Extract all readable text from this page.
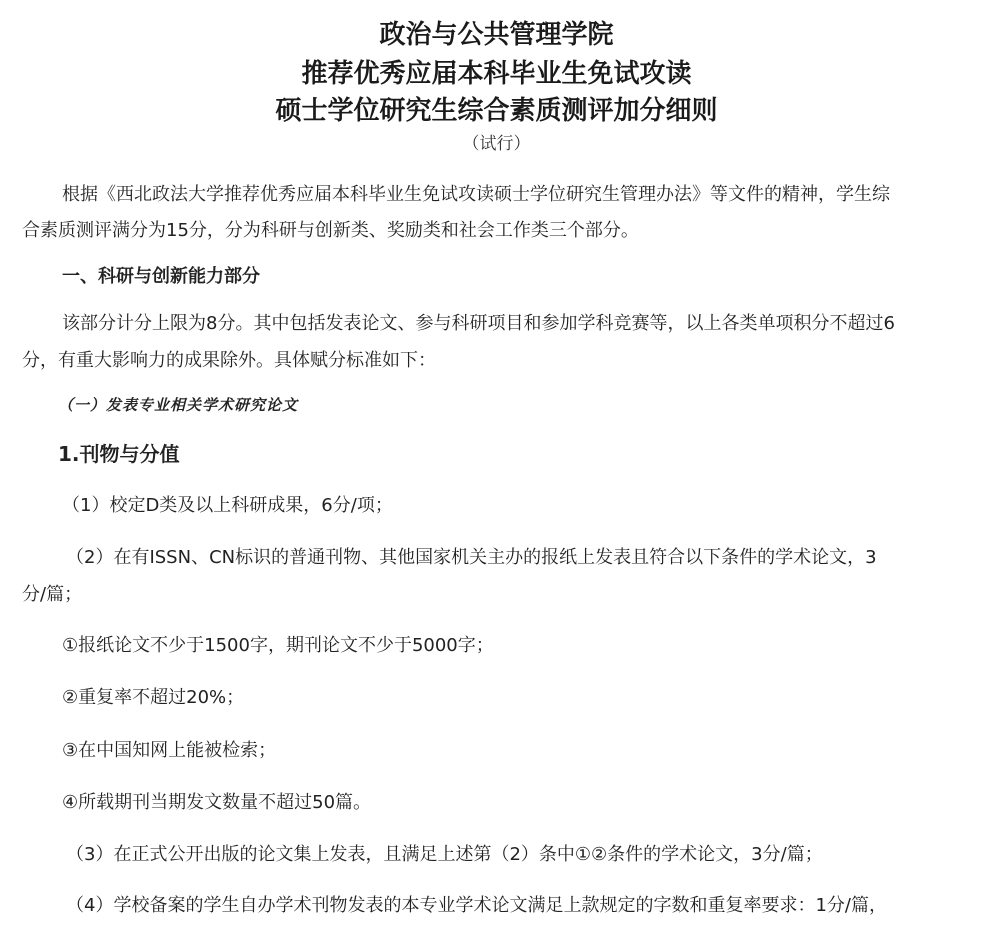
政治与公共管理学院
推荐优秀应届本科毕业生免试攻读
硕士学位研究生综合素质测评加分细则
（试行）
根据《西北政法大学推荐优秀应届本科毕业生免试攻读硕士学位研究生管理办法》等文件的精神，学生综
合素质测评满分为15分，分为科研与创新类、奖励类和社会工作类三个部分。
一、科研与创新能力部分
该部分计分上限为8分。其中包括发表论文、参与科研项目和参加学科竞赛等，以上各类单项积分不超过6
分，有重大影响力的成果除外。具体赋分标准如下：
（一）发表专业相关学术研究论文
1.刊物与分值
（1）校定D类及以上科研成果，6分/项；
（2）在有ISSN、CN标识的普通刊物、其他国家机关主办的报纸上发表且符合以下条件的学术论文，3
分/篇；
①报纸论文不少于1500字，期刊论文不少于5000字；
②重复率不超过20%；
③在中国知网上能被检索；
④所载期刊当期发文数量不超过50篇。
（3）在正式公开出版的论文集上发表，且满足上述第（2）条中①②条件的学术论文，3分/篇；
（4）学校备案的学生自办学术刊物发表的本专业学术论文满足上款规定的字数和重复率要求：1分/篇，
